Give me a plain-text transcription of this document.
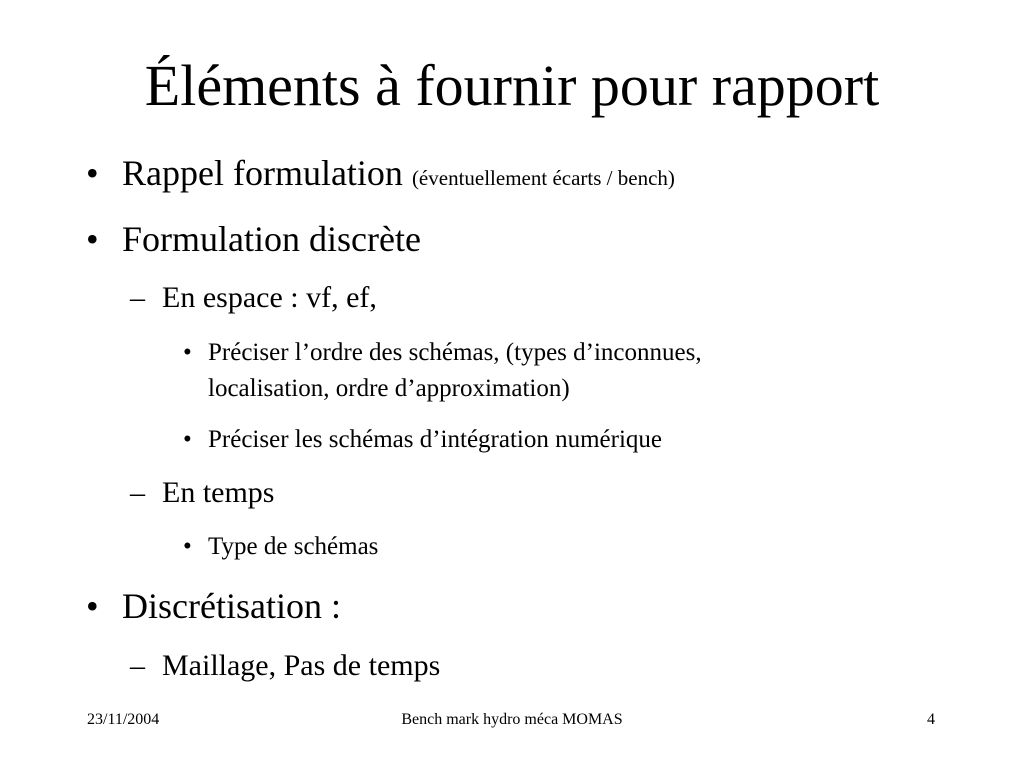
Éléments à fournir pour rapport
• Rappel formulation (éventuellement écarts / bench)
• Formulation discrète
– En espace : vf, ef,
• Préciser l’ordre des schémas, (types d’inconnues,
localisation, ordre d’approximation)
• Préciser les schémas d’intégration numérique
– En temps
• Type de schémas
• Discrétisation :
– Maillage, Pas de temps
23/11/2004	Bench mark hydro méca MOMAS	4
